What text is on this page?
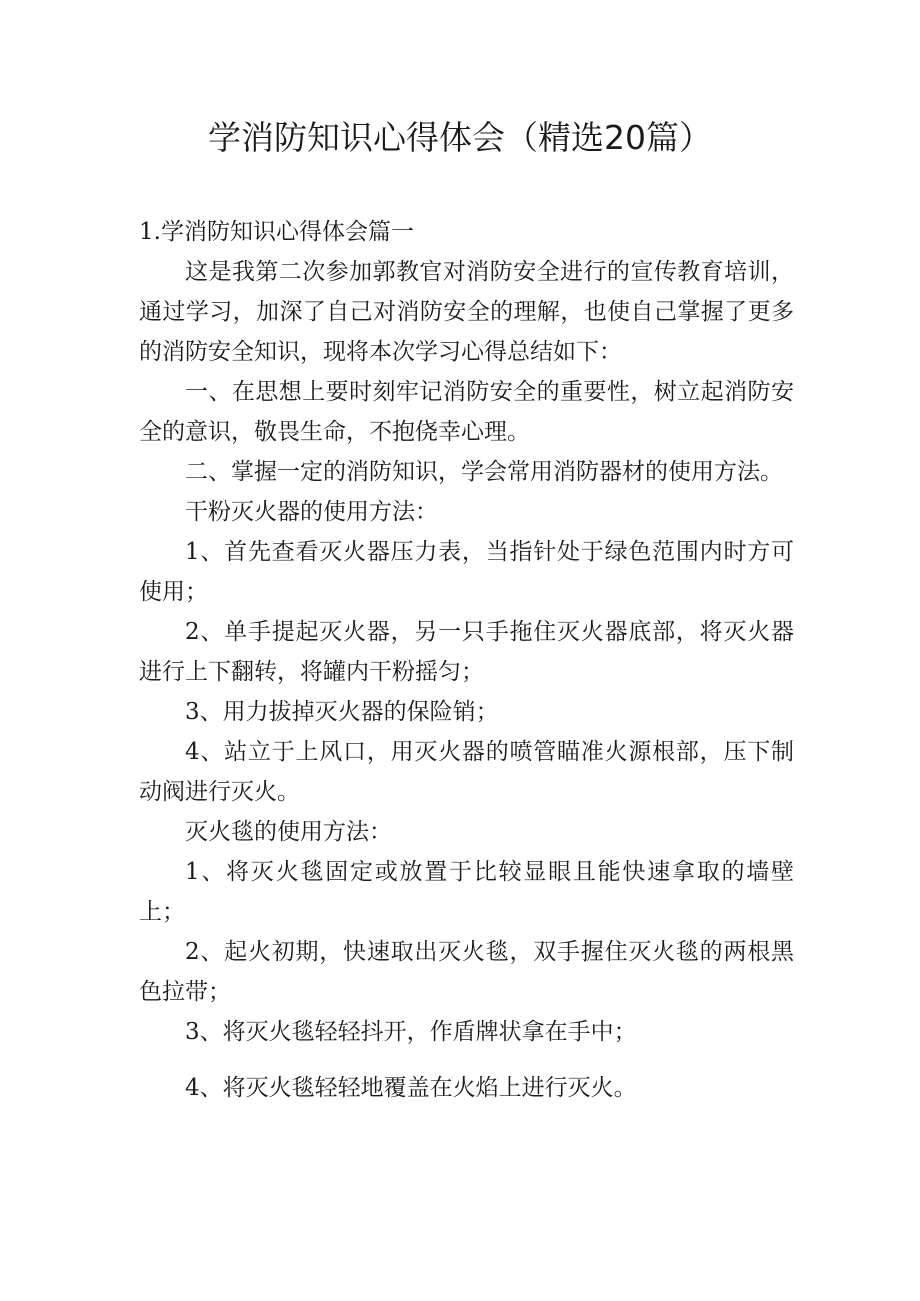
学消防知识心得体会（精选20篇）

1.学消防知识心得体会篇一

这是我第二次参加郭教官对消防安全进行的宣传教育培训，通过学习，加深了自己对消防安全的理解，也使自己掌握了更多的消防安全知识，现将本次学习心得总结如下：

一、在思想上要时刻牢记消防安全的重要性，树立起消防安全的意识，敬畏生命，不抱侥幸心理。

二、掌握一定的消防知识，学会常用消防器材的使用方法。

干粉灭火器的使用方法：

1、首先查看灭火器压力表，当指针处于绿色范围内时方可使用；

2、单手提起灭火器，另一只手拖住灭火器底部，将灭火器进行上下翻转，将罐内干粉摇匀；

3、用力拔掉灭火器的保险销；

4、站立于上风口，用灭火器的喷管瞄准火源根部，压下制动阀进行灭火。

灭火毯的使用方法：

1、将灭火毯固定或放置于比较显眼且能快速拿取的墙壁上；

2、起火初期，快速取出灭火毯，双手握住灭火毯的两根黑色拉带；

3、将灭火毯轻轻抖开，作盾牌状拿在手中；

4、将灭火毯轻轻地覆盖在火焰上进行灭火。
